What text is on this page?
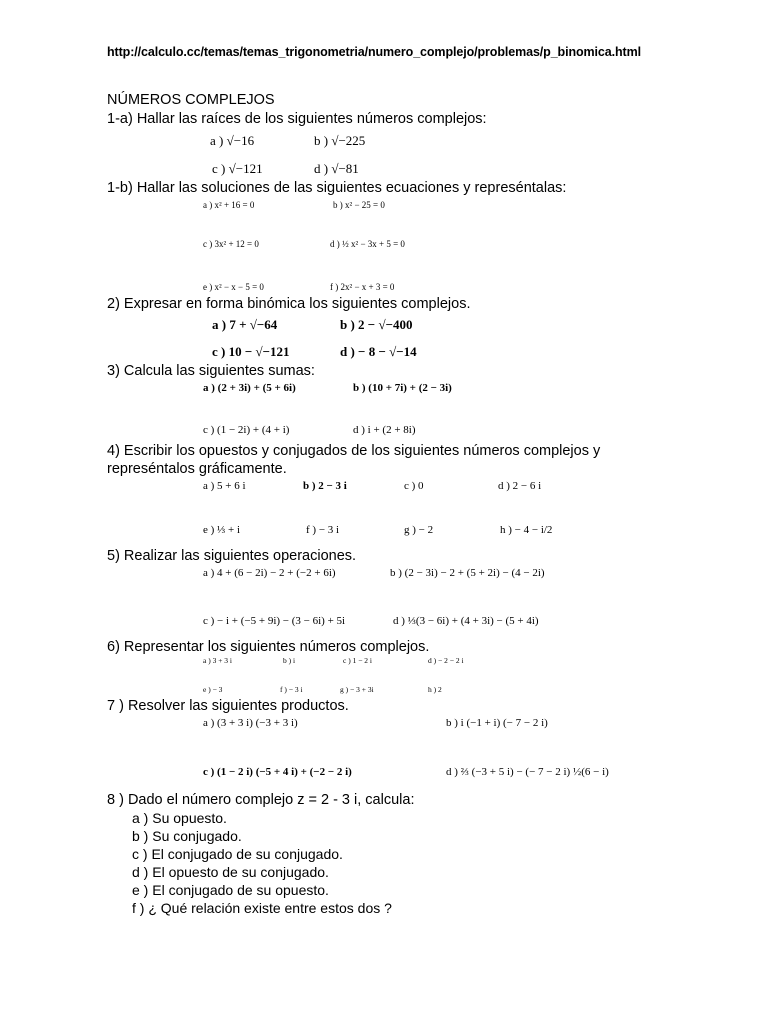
http://calculo.cc/temas/temas_trigonometria/numero_complejo/problemas/p_binomica.html
NÚMEROS COMPLEJOS
1-a) Hallar las raíces de los siguientes números complejos:
a ) √−16	b ) √−225
c ) √−121	d ) √−81
1-b) Hallar las soluciones de las siguientes ecuaciones y represéntalas:
a ) x² + 16 = 0	b ) x² − 25 = 0
c ) 3x² + 12 = 0	d ) ½ x² − 3x + 5 = 0
e ) x² − x − 5 = 0	f ) 2x² − x + 3 = 0
2) Expresar en forma binómica los siguientes complejos.
a ) 7 + √−64	b ) 2 − √−400
c ) 10 − √−121	d ) − 8 − √−14
3) Calcula las siguientes sumas:
a ) (2 + 3i) + (5 + 6i)	b ) (10 + 7i) + (2 − 3i)
c ) (1 − 2i) + (4 + i)	d ) i + (2 + 8i)
4) Escribir los opuestos y conjugados de los siguientes números complejos y
represéntalos gráficamente.
a ) 5 + 6 i	b ) 2 − 3 i	c ) 0	d ) 2 − 6 i
e ) ⅓ + i	f ) − 3 i	g ) − 2	h ) − 4 − i/2
5) Realizar las siguientes operaciones.
a ) 4 + (6 − 2i) − 2 + (−2 + 6i)	b ) (2 − 3i) − 2 + (5 + 2i) − (4 − 2i)
c ) − i + (−5 + 9i) − (3 − 6i) + 5i	d ) ⅓(3 − 6i) + (4 + 3i) − (5 + 4i)
6) Representar los siguientes números complejos.
a ) 3 + 3 i	b ) i	c ) 1 − 2 i	d ) − 2 − 2 i
e ) − 3	f ) − 3 i	g ) − 3 + 3i	h ) 2
7 ) Resolver las siguientes productos.
a ) (3 + 3 i) (−3 + 3 i)	b ) i (−1 + i) (− 7 − 2 i)
c ) (1 − 2 i) (−5 + 4 i) + (−2 − 2 i)	d ) ⅔ (−3 + 5 i) − (− 7 − 2 i) ½(6 − i)
8 ) Dado el número complejo z = 2 - 3 i, calcula:
a ) Su opuesto.
b ) Su conjugado.
c ) El conjugado de su conjugado.
d ) El opuesto de su conjugado.
e ) El conjugado de su opuesto.
f ) ¿ Qué relación existe entre estos dos ?
